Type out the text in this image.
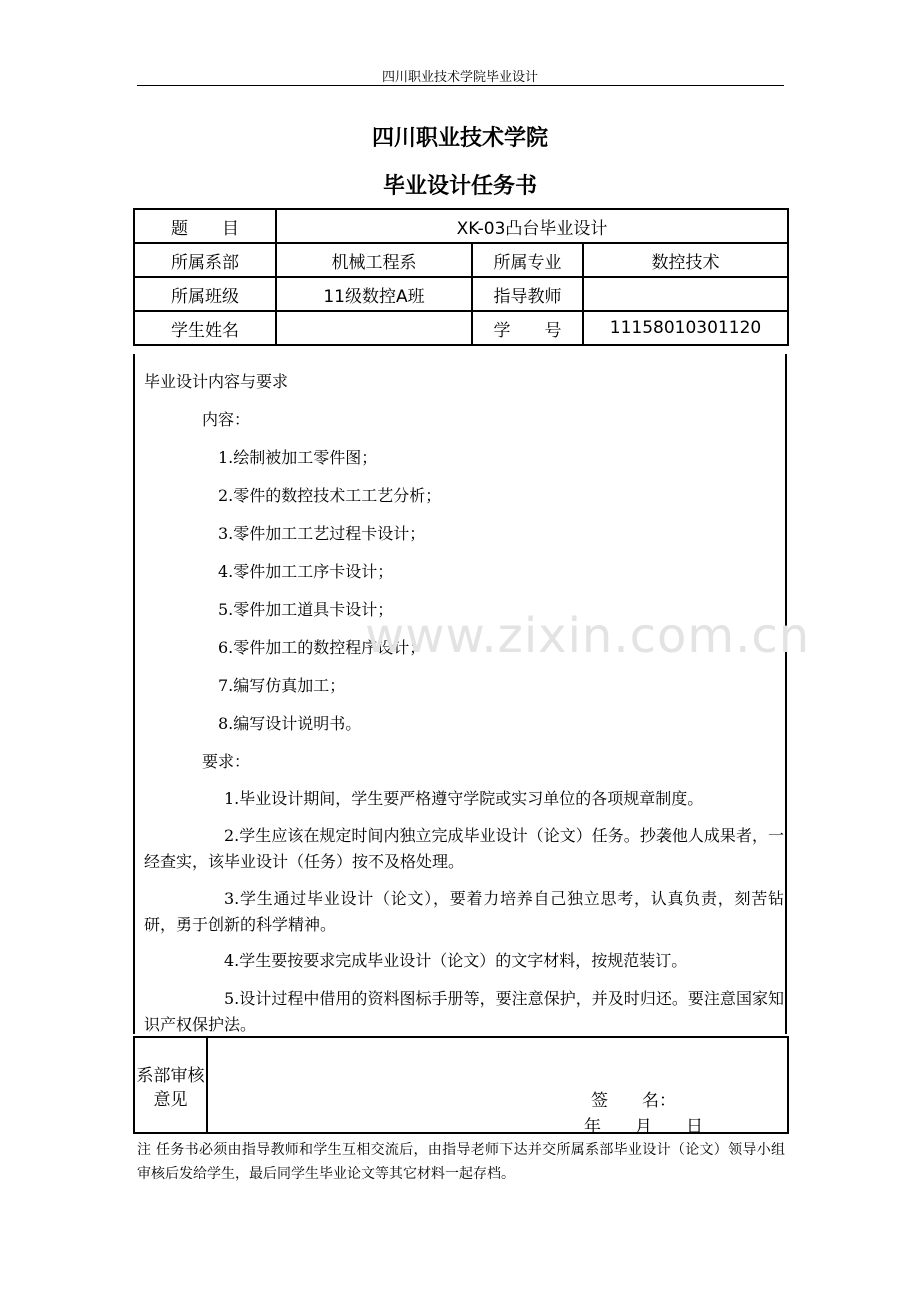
四川职业技术学院毕业设计
四川职业技术学院
毕业设计任务书
题　　目	XK-03凸台毕业设计		
所属系部	机械工程系	所属专业	数控技术
所属班级	11级数控A班	指导教师	
学生姓名		学　　号	11158010301120
毕业设计内容与要求
内容：
1.绘制被加工零件图；
2.零件的数控技术工工艺分析；
3.零件加工工艺过程卡设计；
4.零件加工工序卡设计；
5.零件加工道具卡设计；
6.零件加工的数控程序设计；
7.编写仿真加工；
8.编写设计说明书。
要求：
1.毕业设计期间，学生要严格遵守学院或实习单位的各项规章制度。
2.学生应该在规定时间内独立完成毕业设计（论文）任务。抄袭他人成果者，一经查实，该毕业设计（任务）按不及格处理。
3.学生通过毕业设计（论文），要着力培养自己独立思考，认真负责，刻苦钻研，勇于创新的科学精神。
4.学生要按要求完成毕业设计（论文）的文字材料，按规范装订。
5.设计过程中借用的资料图标手册等，要注意保护，并及时归还。要注意国家知识产权保护法。
www.zixin.com.cn
系部审核意见	签　　名：
年　　月　　日
注 任务书必须由指导教师和学生互相交流后，由指导老师下达并交所属系部毕业设计（论文）领导小组审核后发给学生，最后同学生毕业论文等其它材料一起存档。
